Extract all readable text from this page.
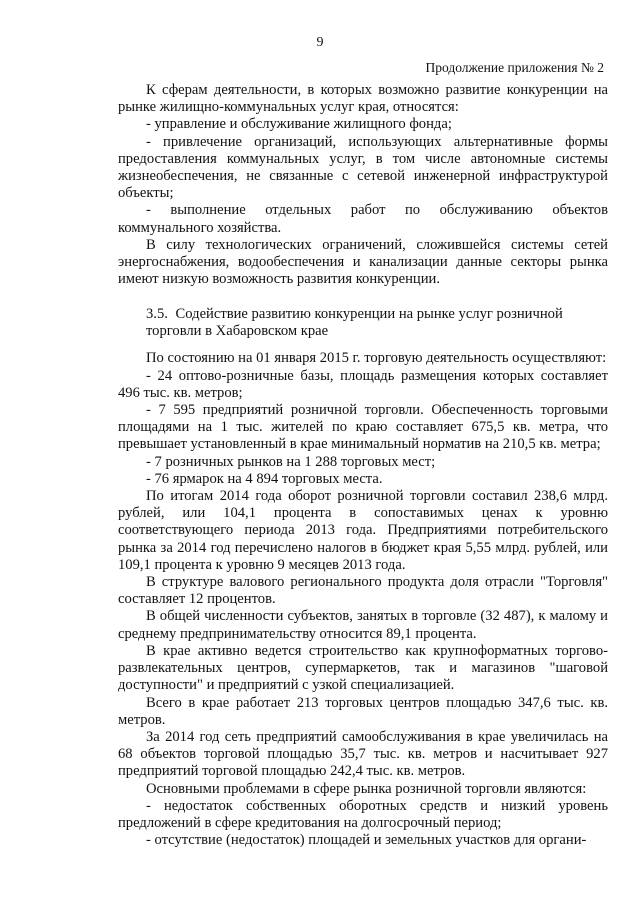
9
Продолжение приложения № 2

К сферам деятельности, в которых возможно развитие конкуренции на рынке жилищно-коммунальных услуг края, относятся:

- управление и обслуживание жилищного фонда;

- привлечение организаций, использующих альтернативные формы предоставления коммунальных услуг, в том числе автономные системы жизнеобеспечения, не связанные с сетевой инженерной инфраструктурой объекты;

- выполнение отдельных работ по обслуживанию объектов коммунального хозяйства.

В силу технологических ограничений, сложившейся системы сетей энергоснабжения, водообеспечения и канализации данные секторы рынка имеют низкую возможность развития конкуренции.

3.5. Содействие развитию конкуренции на рынке услуг розничной торговли в Хабаровском крае

По состоянию на 01 января 2015 г. торговую деятельность осуществляют:

- 24 оптово-розничные базы, площадь размещения которых составляет 496 тыс. кв. метров;

- 7 595 предприятий розничной торговли. Обеспеченность торговыми площадями на 1 тыс. жителей по краю составляет 675,5 кв. метра, что превышает установленный в крае минимальный норматив на 210,5 кв. метра;

- 7 розничных рынков на 1 288 торговых мест;

- 76 ярмарок на 4 894 торговых места.

По итогам 2014 года оборот розничной торговли составил 238,6 млрд. рублей, или 104,1 процента в сопоставимых ценах к уровню соответствующего периода 2013 года. Предприятиями потребительского рынка за 2014 год перечислено налогов в бюджет края 5,55 млрд. рублей, или 109,1 процента к уровню 9 месяцев 2013 года.

В структуре валового регионального продукта доля отрасли "Торговля" составляет 12 процентов.

В общей численности субъектов, занятых в торговле (32 487), к малому и среднему предпринимательству относится 89,1 процента.

В крае активно ведется строительство как крупноформатных торгово-развлекательных центров, супермаркетов, так и магазинов "шаговой доступности" и предприятий с узкой специализацией.

Всего в крае работает 213 торговых центров площадью 347,6 тыс. кв. метров.

За 2014 год сеть предприятий самообслуживания в крае увеличилась на 68 объектов торговой площадью 35,7 тыс. кв. метров и насчитывает 927 предприятий торговой площадью 242,4 тыс. кв. метров.

Основными проблемами в сфере рынка розничной торговли являются:

- недостаток собственных оборотных средств и низкий уровень предложений в сфере кредитования на долгосрочный период;

- отсутствие (недостаток) площадей и земельных участков для органи-
